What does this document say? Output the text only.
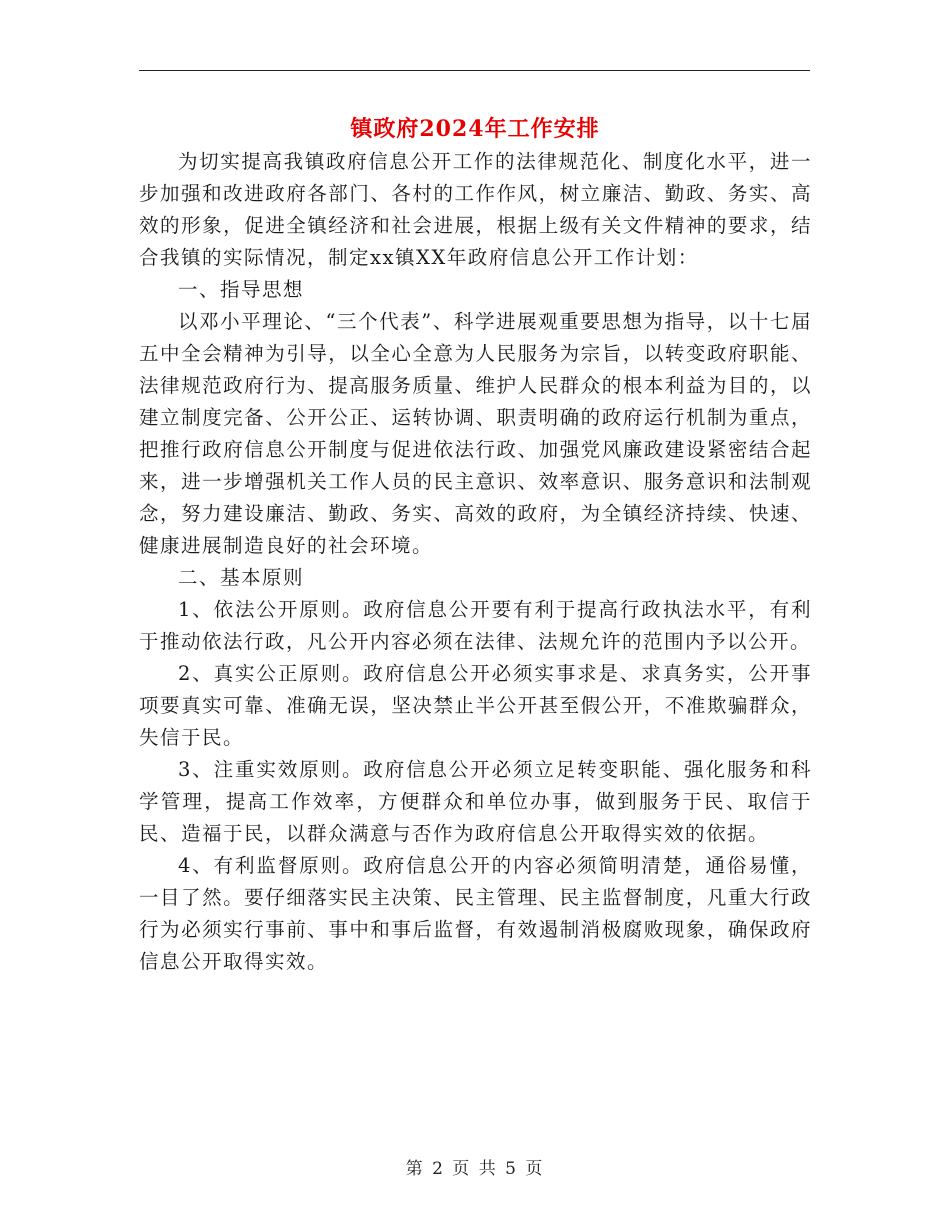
镇政府2024年工作安排

为切实提高我镇政府信息公开工作的法律规范化、制度化水平，进一步加强和改进政府各部门、各村的工作作风，树立廉洁、勤政、务实、高效的形象，促进全镇经济和社会进展，根据上级有关文件精神的要求，结合我镇的实际情况，制定xx镇XX年政府信息公开工作计划：

一、指导思想

以邓小平理论、“三个代表”、科学进展观重要思想为指导，以十七届五中全会精神为引导，以全心全意为人民服务为宗旨，以转变政府职能、法律规范政府行为、提高服务质量、维护人民群众的根本利益为目的，以建立制度完备、公开公正、运转协调、职责明确的政府运行机制为重点，把推行政府信息公开制度与促进依法行政、加强党风廉政建设紧密结合起来，进一步增强机关工作人员的民主意识、效率意识、服务意识和法制观念，努力建设廉洁、勤政、务实、高效的政府，为全镇经济持续、快速、健康进展制造良好的社会环境。

二、基本原则

1、依法公开原则。政府信息公开要有利于提高行政执法水平，有利于推动依法行政，凡公开内容必须在法律、法规允许的范围内予以公开。

2、真实公正原则。政府信息公开必须实事求是、求真务实，公开事项要真实可靠、准确无误，坚决禁止半公开甚至假公开，不准欺骗群众，失信于民。

3、注重实效原则。政府信息公开必须立足转变职能、强化服务和科学管理，提高工作效率，方便群众和单位办事，做到服务于民、取信于民、造福于民，以群众满意与否作为政府信息公开取得实效的依据。

4、有利监督原则。政府信息公开的内容必须简明清楚，通俗易懂，一目了然。要仔细落实民主决策、民主管理、民主监督制度，凡重大行政行为必须实行事前、事中和事后监督，有效遏制消极腐败现象，确保政府信息公开取得实效。

第 2 页 共 5 页
